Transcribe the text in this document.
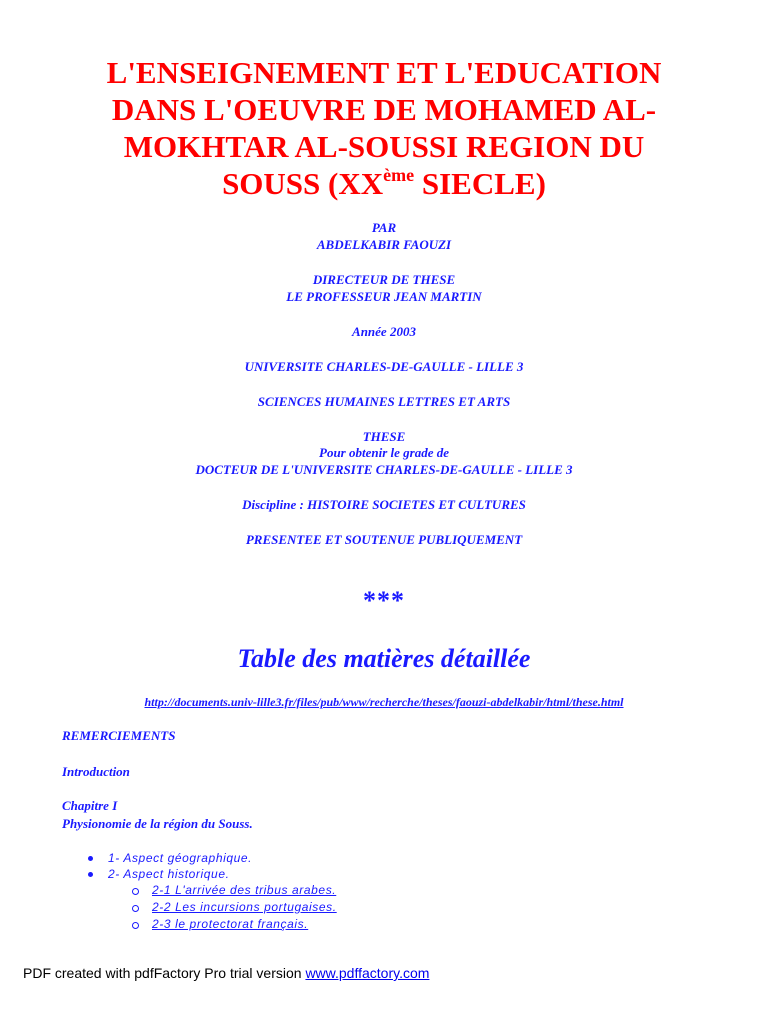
L'ENSEIGNEMENT ET L'EDUCATION
DANS L'OEUVRE DE MOHAMED AL-
MOKHTAR AL-SOUSSI REGION DU
SOUSS (XXème SIECLE)

PAR

ABDELKABIR FAOUZI

DIRECTEUR DE THESE

LE PROFESSEUR JEAN MARTIN

Année 2003

UNIVERSITE CHARLES-DE-GAULLE - LILLE 3

SCIENCES HUMAINES LETTRES ET ARTS

THESE

Pour obtenir le grade de

DOCTEUR DE L'UNIVERSITE CHARLES-DE-GAULLE - LILLE 3

Discipline : HISTOIRE SOCIETES ET CULTURES

PRESENTEE ET SOUTENUE PUBLIQUEMENT

***
Table des matières détaillée
http://documents.univ-lille3.fr/files/pub/www/recherche/theses/faouzi-abdelkabir/html/these.html

REMERCIEMENTS

Introduction

Chapitre I

Physionomie de la région du Souss.

1- Aspect géographique.
2- Aspect historique.
2-1 L'arrivée des tribus arabes.
2-2 Les incursions portugaises.
2-3 le protectorat français.
PDF created with pdfFactory Pro trial version www.pdffactory.com
